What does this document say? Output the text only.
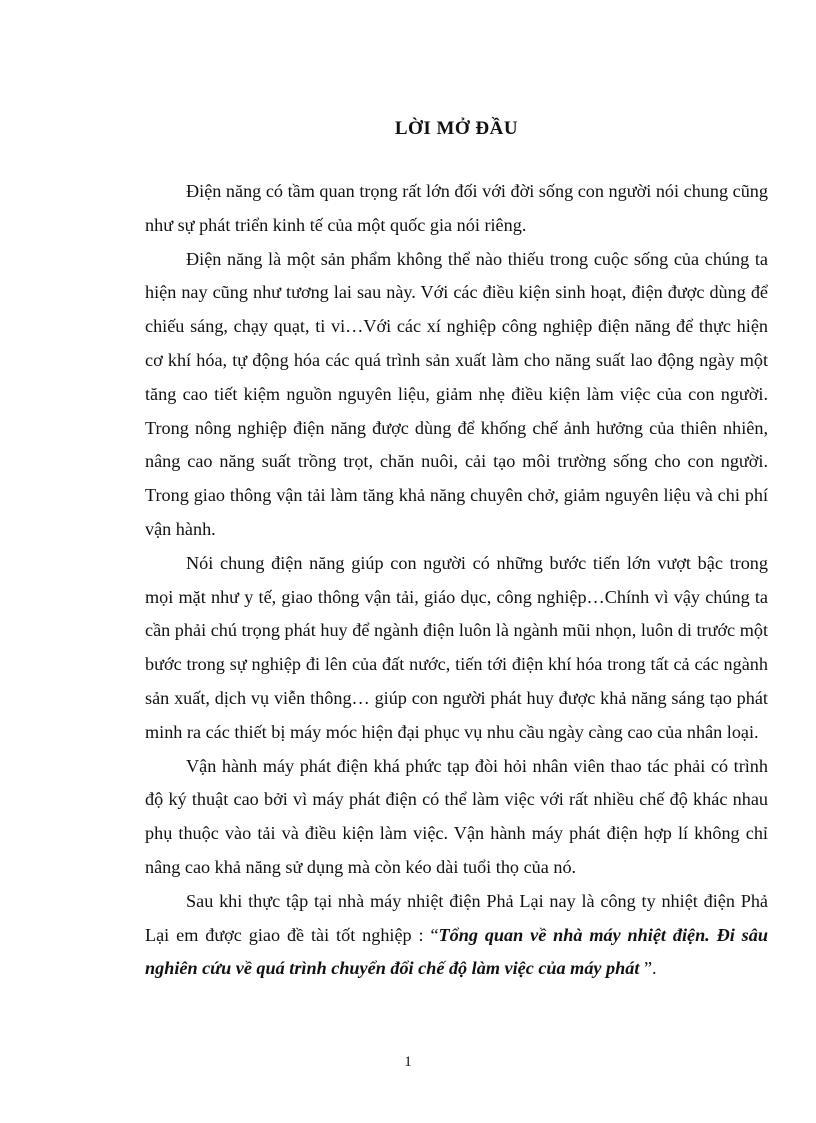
LỜI MỞ ĐẦU

Điện năng có tầm quan trọng rất lớn đối với đời sống con người nói chung cũng như sự phát triển kinh tế của một quốc gia nói riêng.

Điện năng là một sản phẩm không thể nào thiếu trong cuộc sống của chúng ta hiện nay cũng như tương lai sau này. Với các điều kiện sinh hoạt, điện được dùng để chiếu sáng, chạy quạt, ti vi…Với các xí nghiệp công nghiệp điện năng để thực hiện cơ khí hóa, tự động hóa các quá trình sản xuất làm cho năng suất lao động ngày một tăng cao tiết kiệm nguồn nguyên liệu, giảm nhẹ điều kiện làm việc của con người. Trong nông nghiệp điện năng được dùng để khống chế ảnh hưởng của thiên nhiên, nâng cao năng suất trồng trọt, chăn nuôi, cải tạo môi trường sống cho con người. Trong giao thông vận tải làm tăng khả năng chuyên chở, giảm nguyên liệu và chi phí vận hành.

Nói chung điện năng giúp con người có những bước tiến lớn vượt bậc trong mọi mặt như y tế, giao thông vận tải, giáo dục, công nghiệp…Chính vì vậy chúng ta cần phải chú trọng phát huy để ngành điện luôn là ngành mũi nhọn, luôn di trước một bước trong sự nghiệp đi lên của đất nước, tiến tới điện khí hóa trong tất cả các ngành sản xuất, dịch vụ viễn thông… giúp con người phát huy được khả năng sáng tạo phát minh ra các thiết bị máy móc hiện đại phục vụ nhu cầu ngày càng cao của nhân loại.

Vận hành máy phát điện khá phức tạp đòi hỏi nhân viên thao tác phải có trình độ ký thuật cao bởi vì máy phát điện có thể làm việc với rất nhiều chế độ khác nhau phụ thuộc vào tải và điều kiện làm việc. Vận hành máy phát điện hợp lí không chỉ nâng cao khả năng sử dụng mà còn kéo dài tuổi thọ của nó.

Sau khi thực tập tại nhà máy nhiệt điện Phả Lại nay là công ty nhiệt điện Phả Lại em được giao đề tài tốt nghiệp : “Tổng quan về nhà máy nhiệt điện. Đi sâu nghiên cứu về quá trình chuyển đổi chế độ làm việc của máy phát ”.

1
